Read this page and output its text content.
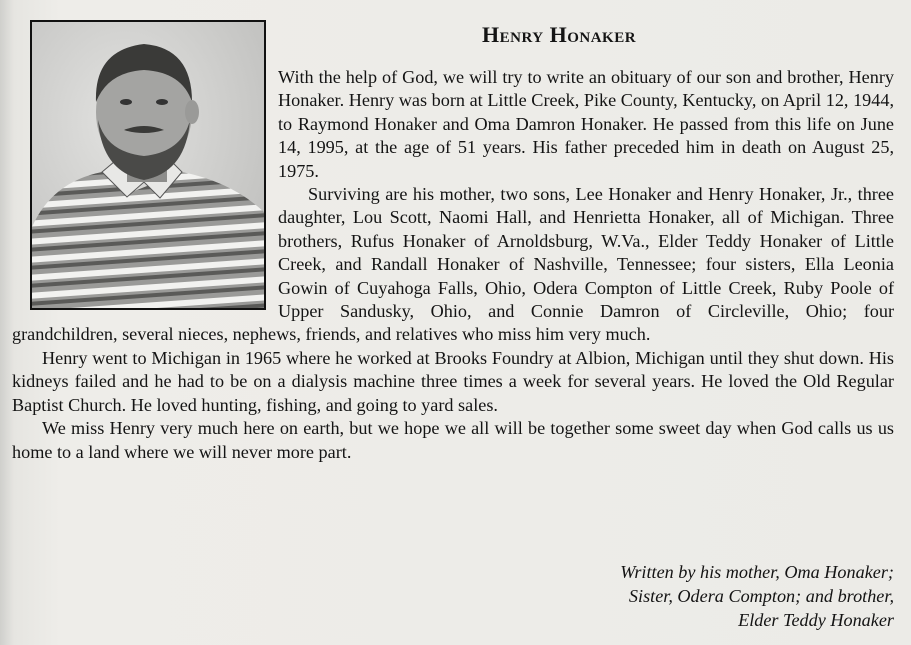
Henry Honaker

With the help of God, we will try to write an obituary of our son and brother, Henry Honaker. Henry was born at Little Creek, Pike County, Kentucky, on April 12, 1944, to Raymond Honaker and Oma Damron Honaker. He passed from this life on June 14, 1995, at the age of 51 years. His father preceded him in death on August 25, 1975.

Surviving are his mother, two sons, Lee Honaker and Henry Honaker, Jr., three daughter, Lou Scott, Naomi Hall, and Henrietta Honaker, all of Michigan. Three brothers, Rufus Honaker of Arnoldsburg, W.Va., Elder Teddy Honaker of Little Creek, and Randall Honaker of Nashville, Tennessee; four sisters, Ella Leonia Gowin of Cuyahoga Falls, Ohio, Odera Compton of Little Creek, Ruby Poole of Upper Sandusky, Ohio, and Connie Damron of Circleville, Ohio; four grandchildren, several nieces, nephews, friends, and relatives who miss him very much.

Henry went to Michigan in 1965 where he worked at Brooks Foundry at Albion, Michigan until they shut down. His kidneys failed and he had to be on a dialysis machine three times a week for several years. He loved the Old Regular Baptist Church. He loved hunting, fishing, and going to yard sales.

We miss Henry very much here on earth, but we hope we all will be together some sweet day when God calls us us home to a land where we will never more part.

Written by his mother, Oma Honaker;
Sister, Odera Compton; and brother,
Elder Teddy Honaker
